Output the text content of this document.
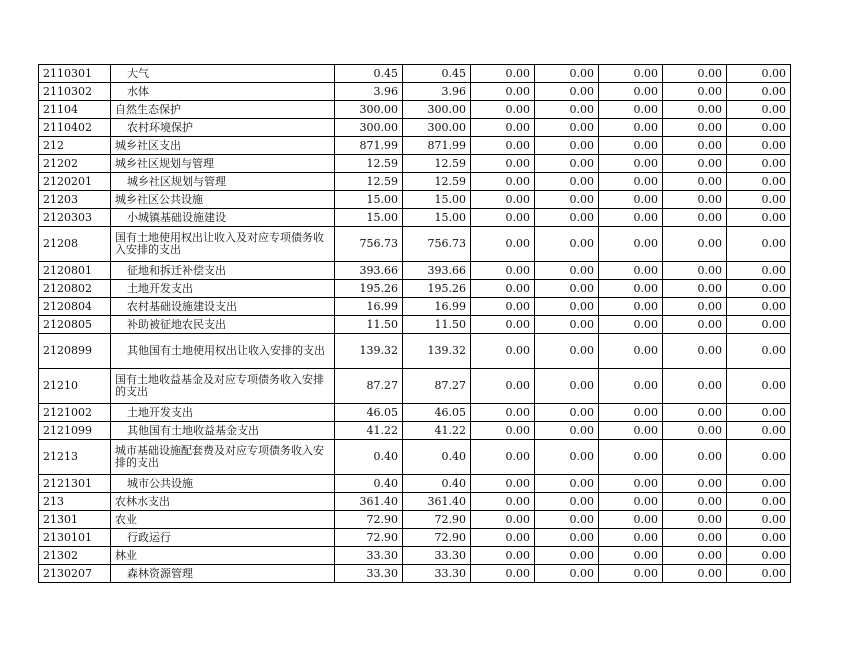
2110301	大气	0.45	0.45	0.00	0.00	0.00	0.00	0.00
2110302	水体	3.96	3.96	0.00	0.00	0.00	0.00	0.00
21104	自然生态保护	300.00	300.00	0.00	0.00	0.00	0.00	0.00
2110402	农村环境保护	300.00	300.00	0.00	0.00	0.00	0.00	0.00
212	城乡社区支出	871.99	871.99	0.00	0.00	0.00	0.00	0.00
21202	城乡社区规划与管理	12.59	12.59	0.00	0.00	0.00	0.00	0.00
2120201	城乡社区规划与管理	12.59	12.59	0.00	0.00	0.00	0.00	0.00
21203	城乡社区公共设施	15.00	15.00	0.00	0.00	0.00	0.00	0.00
2120303	小城镇基础设施建设	15.00	15.00	0.00	0.00	0.00	0.00	0.00
21208	国有土地使用权出让收入及对应专项债务收入安排的支出	756.73	756.73	0.00	0.00	0.00	0.00	0.00
2120801	征地和拆迁补偿支出	393.66	393.66	0.00	0.00	0.00	0.00	0.00
2120802	土地开发支出	195.26	195.26	0.00	0.00	0.00	0.00	0.00
2120804	农村基础设施建设支出	16.99	16.99	0.00	0.00	0.00	0.00	0.00
2120805	补助被征地农民支出	11.50	11.50	0.00	0.00	0.00	0.00	0.00
2120899	其他国有土地使用权出让收入安排的支出	139.32	139.32	0.00	0.00	0.00	0.00	0.00
21210	国有土地收益基金及对应专项债务收入安排的支出	87.27	87.27	0.00	0.00	0.00	0.00	0.00
2121002	土地开发支出	46.05	46.05	0.00	0.00	0.00	0.00	0.00
2121099	其他国有土地收益基金支出	41.22	41.22	0.00	0.00	0.00	0.00	0.00
21213	城市基础设施配套费及对应专项债务收入安排的支出	0.40	0.40	0.00	0.00	0.00	0.00	0.00
2121301	城市公共设施	0.40	0.40	0.00	0.00	0.00	0.00	0.00
213	农林水支出	361.40	361.40	0.00	0.00	0.00	0.00	0.00
21301	农业	72.90	72.90	0.00	0.00	0.00	0.00	0.00
2130101	行政运行	72.90	72.90	0.00	0.00	0.00	0.00	0.00
21302	林业	33.30	33.30	0.00	0.00	0.00	0.00	0.00
2130207	森林资源管理	33.30	33.30	0.00	0.00	0.00	0.00	0.00
